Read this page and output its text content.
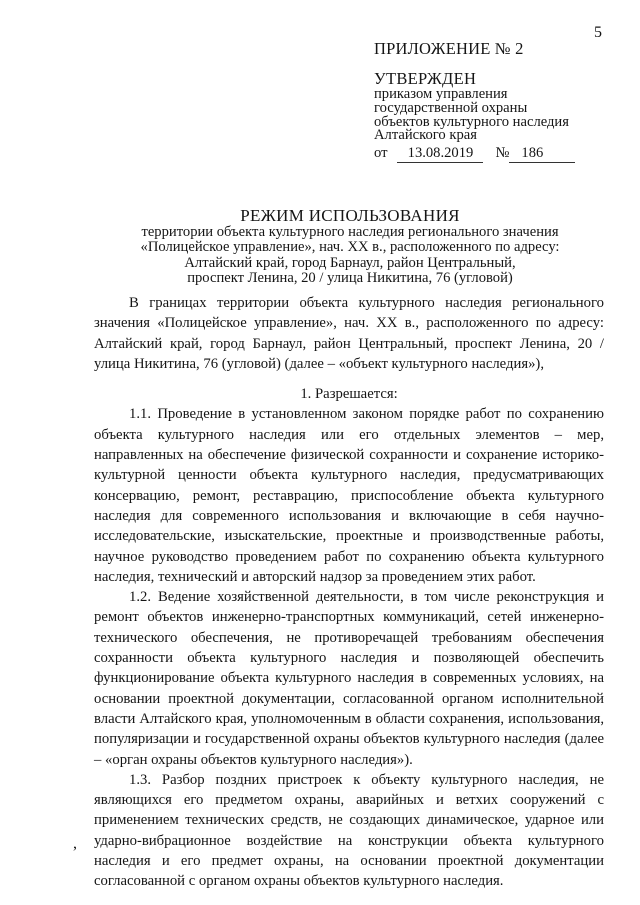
5
ПРИЛОЖЕНИЕ № 2
УТВЕРЖДЕН
приказом управления
государственной охраны
объектов культурного наследия
Алтайского края
от 13.08.2019 № 186
РЕЖИМ ИСПОЛЬЗОВАНИЯ
территории объекта культурного наследия регионального значения
«Полицейское управление», нач. XX в., расположенного по адресу:
Алтайский край, город Барнаул, район Центральный,
проспект Ленина, 20 / улица Никитина, 76 (угловой)

В границах территории объекта культурного наследия регионального значения «Полицейское управление», нач. XX в., расположенного по адресу: Алтайский край, город Барнаул, район Центральный, проспект Ленина, 20 / улица Никитина, 76 (угловой) (далее – «объект культурного наследия»),

1. Разрешается:

1.1. Проведение в установленном законом порядке работ по сохранению объекта культурного наследия или его отдельных элементов – мер, направленных на обеспечение физической сохранности и сохранение историко-культурной ценности объекта культурного наследия, предусматривающих консервацию, ремонт, реставрацию, приспособление объекта культурного наследия для современного использования и включающие в себя научно-исследовательские, изыскательские, проектные и производственные работы, научное руководство проведением работ по сохранению объекта культурного наследия, технический и авторский надзор за проведением этих работ.

1.2. Ведение хозяйственной деятельности, в том числе реконструкция и ремонт объектов инженерно-транспортных коммуникаций, сетей инженерно-технического обеспечения, не противоречащей требованиям обеспечения сохранности объекта культурного наследия и позволяющей обеспечить функционирование объекта культурного наследия в современных условиях, на основании проектной документации, согласованной органом исполнительной власти Алтайского края, уполномоченным в области сохранения, использования, популяризации и государственной охраны объектов культурного наследия (далее – «орган охраны объектов культурного наследия»).

1.3. Разбор поздних пристроек к объекту культурного наследия, не являющихся его предметом охраны, аварийных и ветхих сооружений с применением технических средств, не создающих динамическое, ударное или ударно-вибрационное воздействие на конструкции объекта культурного наследия и его предмет охраны, на основании проектной документации согласованной с органом охраны объектов культурного наследия.

,
